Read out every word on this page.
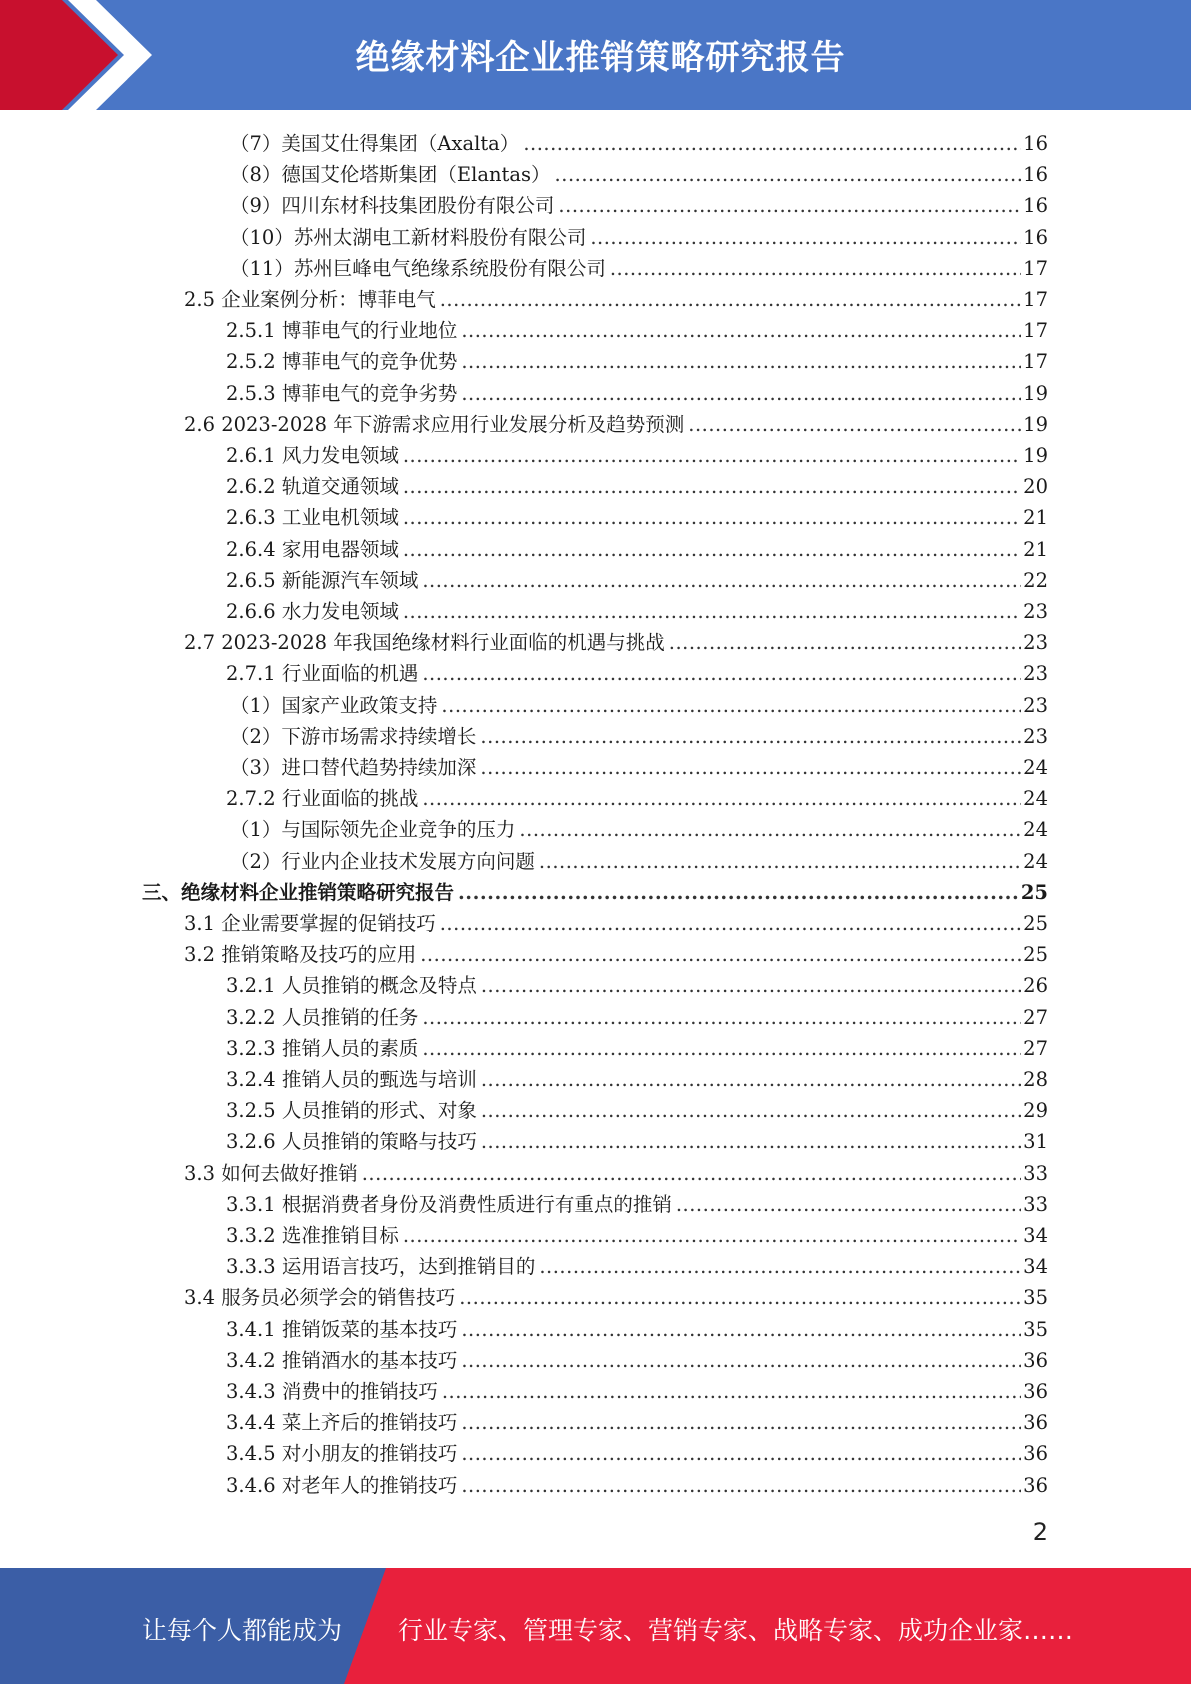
绝缘材料企业推销策略研究报告
（7）美国艾仕得集团（Axalta） .....	16
（8）德国艾伦塔斯集团（Elantas） .....	16
（9）四川东材科技集团股份有限公司 .....	16
（10）苏州太湖电工新材料股份有限公司 .....	16
（11）苏州巨峰电气绝缘系统股份有限公司 .....	17
2.5 企业案例分析：博菲电气 .....	17
2.5.1 博菲电气的行业地位 .....	17
2.5.2 博菲电气的竞争优势 .....	17
2.5.3 博菲电气的竞争劣势 .....	19
2.6 2023-2028 年下游需求应用行业发展分析及趋势预测 .....	19
2.6.1 风力发电领域 .....	19
2.6.2 轨道交通领域 .....	20
2.6.3 工业电机领域 .....	21
2.6.4 家用电器领域 .....	21
2.6.5 新能源汽车领域 .....	22
2.6.6 水力发电领域 .....	23
2.7 2023-2028 年我国绝缘材料行业面临的机遇与挑战 .....	23
2.7.1 行业面临的机遇 .....	23
（1）国家产业政策支持 .....	23
（2）下游市场需求持续增长 .....	23
（3）进口替代趋势持续加深 .....	24
2.7.2 行业面临的挑战 .....	24
（1）与国际领先企业竞争的压力 .....	24
（2）行业内企业技术发展方向问题 .....	24
三、绝缘材料企业推销策略研究报告 .....	25
3.1 企业需要掌握的促销技巧 .....	25
3.2 推销策略及技巧的应用 .....	25
3.2.1 人员推销的概念及特点 .....	26
3.2.2 人员推销的任务 .....	27
3.2.3 推销人员的素质 .....	27
3.2.4 推销人员的甄选与培训 .....	28
3.2.5 人员推销的形式、对象 .....	29
3.2.6 人员推销的策略与技巧 .....	31
3.3 如何去做好推销 .....	33
3.3.1 根据消费者身份及消费性质进行有重点的推销 .....	33
3.3.2 选准推销目标 .....	34
3.3.3 运用语言技巧，达到推销目的 .....	34
3.4 服务员必须学会的销售技巧 .....	35
3.4.1 推销饭菜的基本技巧 .....	35
3.4.2 推销酒水的基本技巧 .....	36
3.4.3 消费中的推销技巧 .....	36
3.4.4 菜上齐后的推销技巧 .....	36
3.4.5 对小朋友的推销技巧 .....	36
3.4.6 对老年人的推销技巧 .....	36
2
让每个人都能成为 行业专家、管理专家、营销专家、战略专家、成功企业家……
